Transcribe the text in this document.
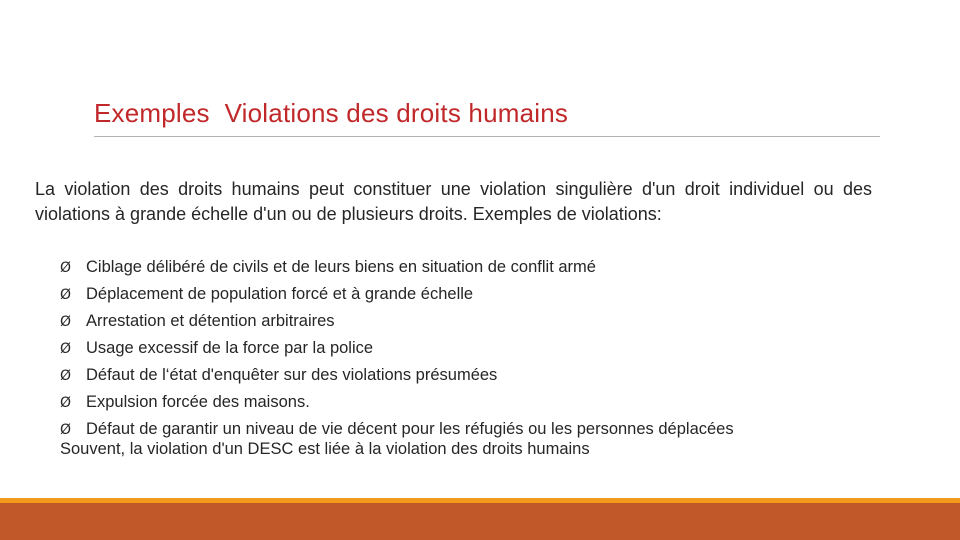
Exemples  Violations des droits humains
La violation des droits humains peut constituer une violation singulière d'un droit individuel ou des violations à grande échelle d'un ou de plusieurs droits. Exemples de violations:
Ø Ciblage délibéré de civils et de leurs biens en situation de conflit armé
Ø Déplacement de population forcé et à grande échelle
Ø Arrestation et détention arbitraires
Ø Usage excessif de la force par la police
Ø Défaut de l‘état d'enquêter sur des violations présumées
Ø Expulsion forcée des maisons.
Ø Défaut de garantir un niveau de vie décent pour les réfugiés ou les personnes déplacées
Souvent, la violation d'un DESC est liée à la violation des droits humains
